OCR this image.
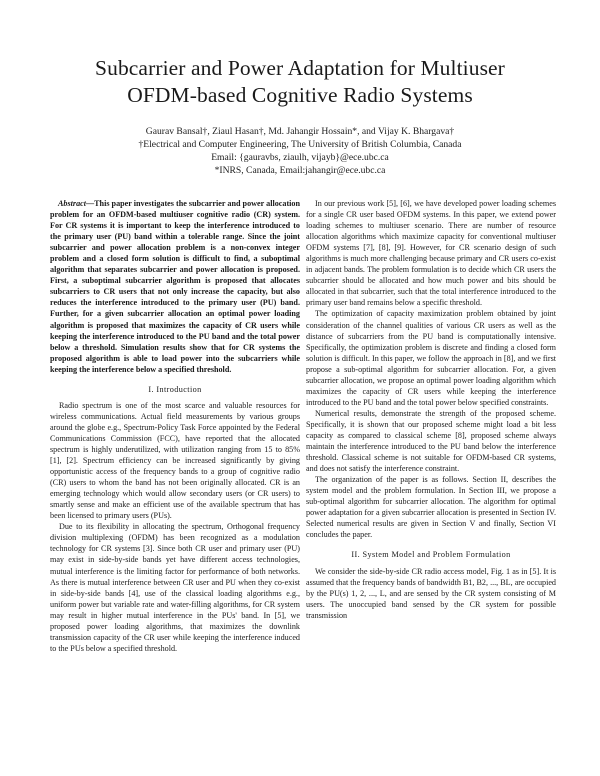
Subcarrier and Power Adaptation for Multiuser
OFDM-based Cognitive Radio Systems
Gaurav Bansal†, Ziaul Hasan†, Md. Jahangir Hossain*, and Vijay K. Bhargava†
†Electrical and Computer Engineering, The University of British Columbia, Canada
Email: {gauravbs, ziaulh, vijayb}@ece.ubc.ca
*INRS, Canada, Email:jahangir@ece.ubc.ca

Abstract—This paper investigates the subcarrier and power allocation problem for an OFDM-based multiuser cognitive radio (CR) system. For CR systems it is important to keep the interference introduced to the primary user (PU) band within a tolerable range. Since the joint subcarrier and power allocation problem is a non-convex integer problem and a closed form solution is difficult to find, a suboptimal algorithm that separates subcarrier and power allocation is proposed. First, a suboptimal subcarrier algorithm is proposed that allocates subcarriers to CR users that not only increase the capacity, but also reduces the interference introduced to the primary user (PU) band. Further, for a given subcarrier allocation an optimal power loading algorithm is proposed that maximizes the capacity of CR users while keeping the interference introduced to the PU band and the total power below a threshold. Simulation results show that for CR systems the proposed algorithm is able to load power into the subcarriers while keeping the interference below a specified threshold.

I. Introduction

Radio spectrum is one of the most scarce and valuable resources for wireless communications. Actual field measurements by various groups around the globe e.g., Spectrum-Policy Task Force appointed by the Federal Communications Commission (FCC), have reported that the allocated spectrum is highly underutilized, with utilization ranging from 15 to 85% [1], [2]. Spectrum efficiency can be increased significantly by giving opportunistic access of the frequency bands to a group of cognitive radio (CR) users to whom the band has not been originally allocated. CR is an emerging technology which would allow secondary users (or CR users) to smartly sense and make an efficient use of the available spectrum that has been licensed to primary users (PUs).

Due to its flexibility in allocating the spectrum, Orthogonal frequency division multiplexing (OFDM) has been recognized as a modulation technology for CR systems [3]. Since both CR user and primary user (PU) may exist in side-by-side bands yet have different access technologies, mutual interference is the limiting factor for performance of both networks. As there is mutual interference between CR user and PU when they co-exist in side-by-side bands [4], use of the classical loading algorithms e.g., uniform power but variable rate and water-filling algorithms, for CR system may result in higher mutual interference in the PUs' band. In [5], we proposed power loading algorithms, that maximizes the downlink transmission capacity of the CR user while keeping the interference induced to the PUs below a specified threshold.

In our previous work [5], [6], we have developed power loading schemes for a single CR user based OFDM systems. In this paper, we extend power loading schemes to multiuser scenario. There are number of resource allocation algorithms which maximize capacity for conventional multiuser OFDM systems [7], [8], [9]. However, for CR scenario design of such algorithms is much more challenging because primary and CR users co-exist in adjacent bands. The problem formulation is to decide which CR users the subcarrier should be allocated and how much power and bits should be allocated in that subcarrier, such that the total interference introduced to the primary user band remains below a specific threshold.

The optimization of capacity maximization problem obtained by joint consideration of the channel qualities of various CR users as well as the distance of subcarriers from the PU band is computationally intensive. Specifically, the optimization problem is discrete and finding a closed form solution is difficult. In this paper, we follow the approach in [8], and we first propose a sub-optimal algorithm for subcarrier allocation. For, a given subcarrier allocation, we propose an optimal power loading algorithm which maximizes the capacity of CR users while keeping the interference introduced to the PU band and the total power below specified constraints.

Numerical results, demonstrate the strength of the proposed scheme. Specifically, it is shown that our proposed scheme might load a bit less capacity as compared to classical scheme [8], proposed scheme always maintain the interference introduced to the PU band below the interference threshold. Classical scheme is not suitable for OFDM-based CR systems, and does not satisfy the interference constraint.

The organization of the paper is as follows. Section II, describes the system model and the problem formulation. In Section III, we propose a sub-optimal algorithm for subcarrier allocation. The algorithm for optimal power adaptation for a given subcarrier allocation is presented in Section IV. Selected numerical results are given in Section V and finally, Section VI concludes the paper.

II. System Model and Problem Formulation

We consider the side-by-side CR radio access model, Fig. 1 as in [5]. It is assumed that the frequency bands of bandwidth B1, B2, ..., BL, are occupied by the PU(s) 1, 2, ..., L, and are sensed by the CR system consisting of M users. The unoccupied band sensed by the CR system for possible transmission
